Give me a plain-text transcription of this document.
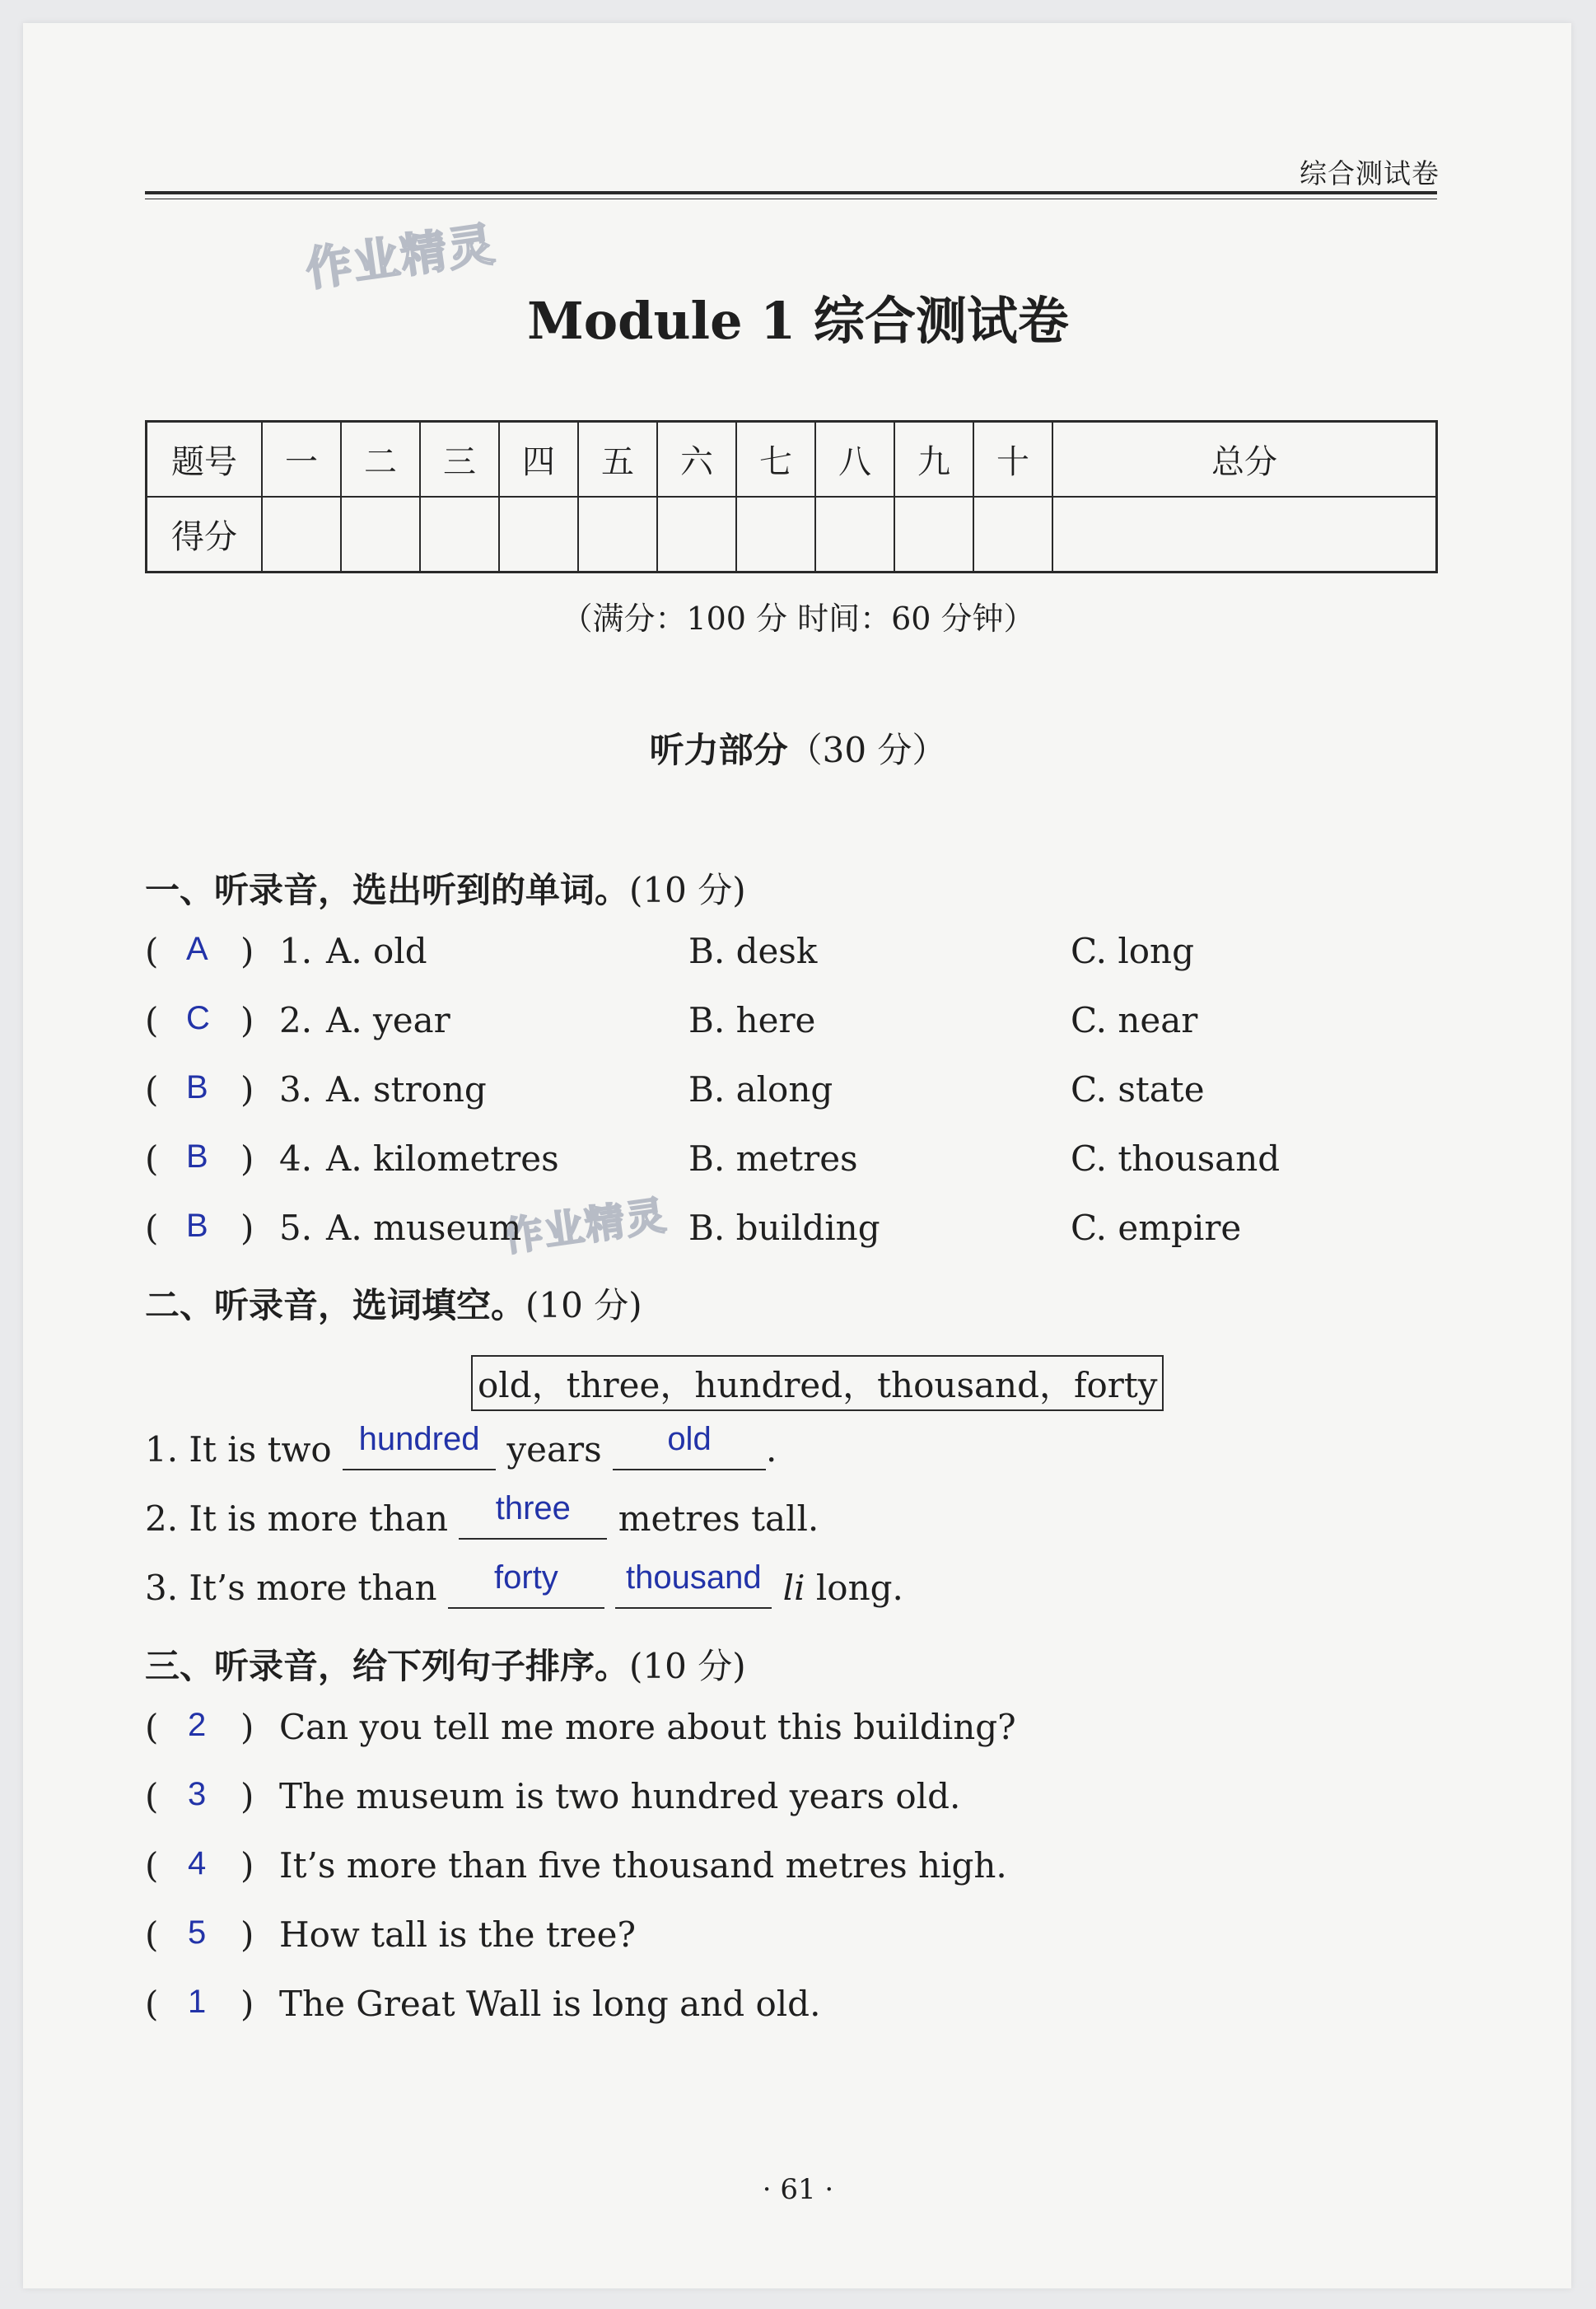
综合测试卷
作业精灵
作业精灵
Module 1 综合测试卷
题号	一	二	三	四	五	六	七	八	九	十	总分
得分											
（满分：100 分 时间：60 分钟）
听力部分（30 分）
一、听录音，选出听到的单词。(10 分)
( A ) 1. A. old	B. desk	C. long
( C ) 2. A. year	B. here	C. near
( B ) 3. A. strong	B. along	C. state
( B ) 4. A. kilometres	B. metres	C. thousand
( B ) 5. A. museum	B. building	C. empire
二、听录音，选词填空。(10 分)
old，three，hundred，thousand，forty
1. It is two hundred years old .
2. It is more than three metres tall.
3. It’s more than forty thousand li long.
三、听录音，给下列句子排序。(10 分)
( 2 ) Can you tell me more about this building?
( 3 ) The museum is two hundred years old.
( 4 ) It’s more than five thousand metres high.
( 5 ) How tall is the tree?
( 1 ) The Great Wall is long and old.
· 61 ·
